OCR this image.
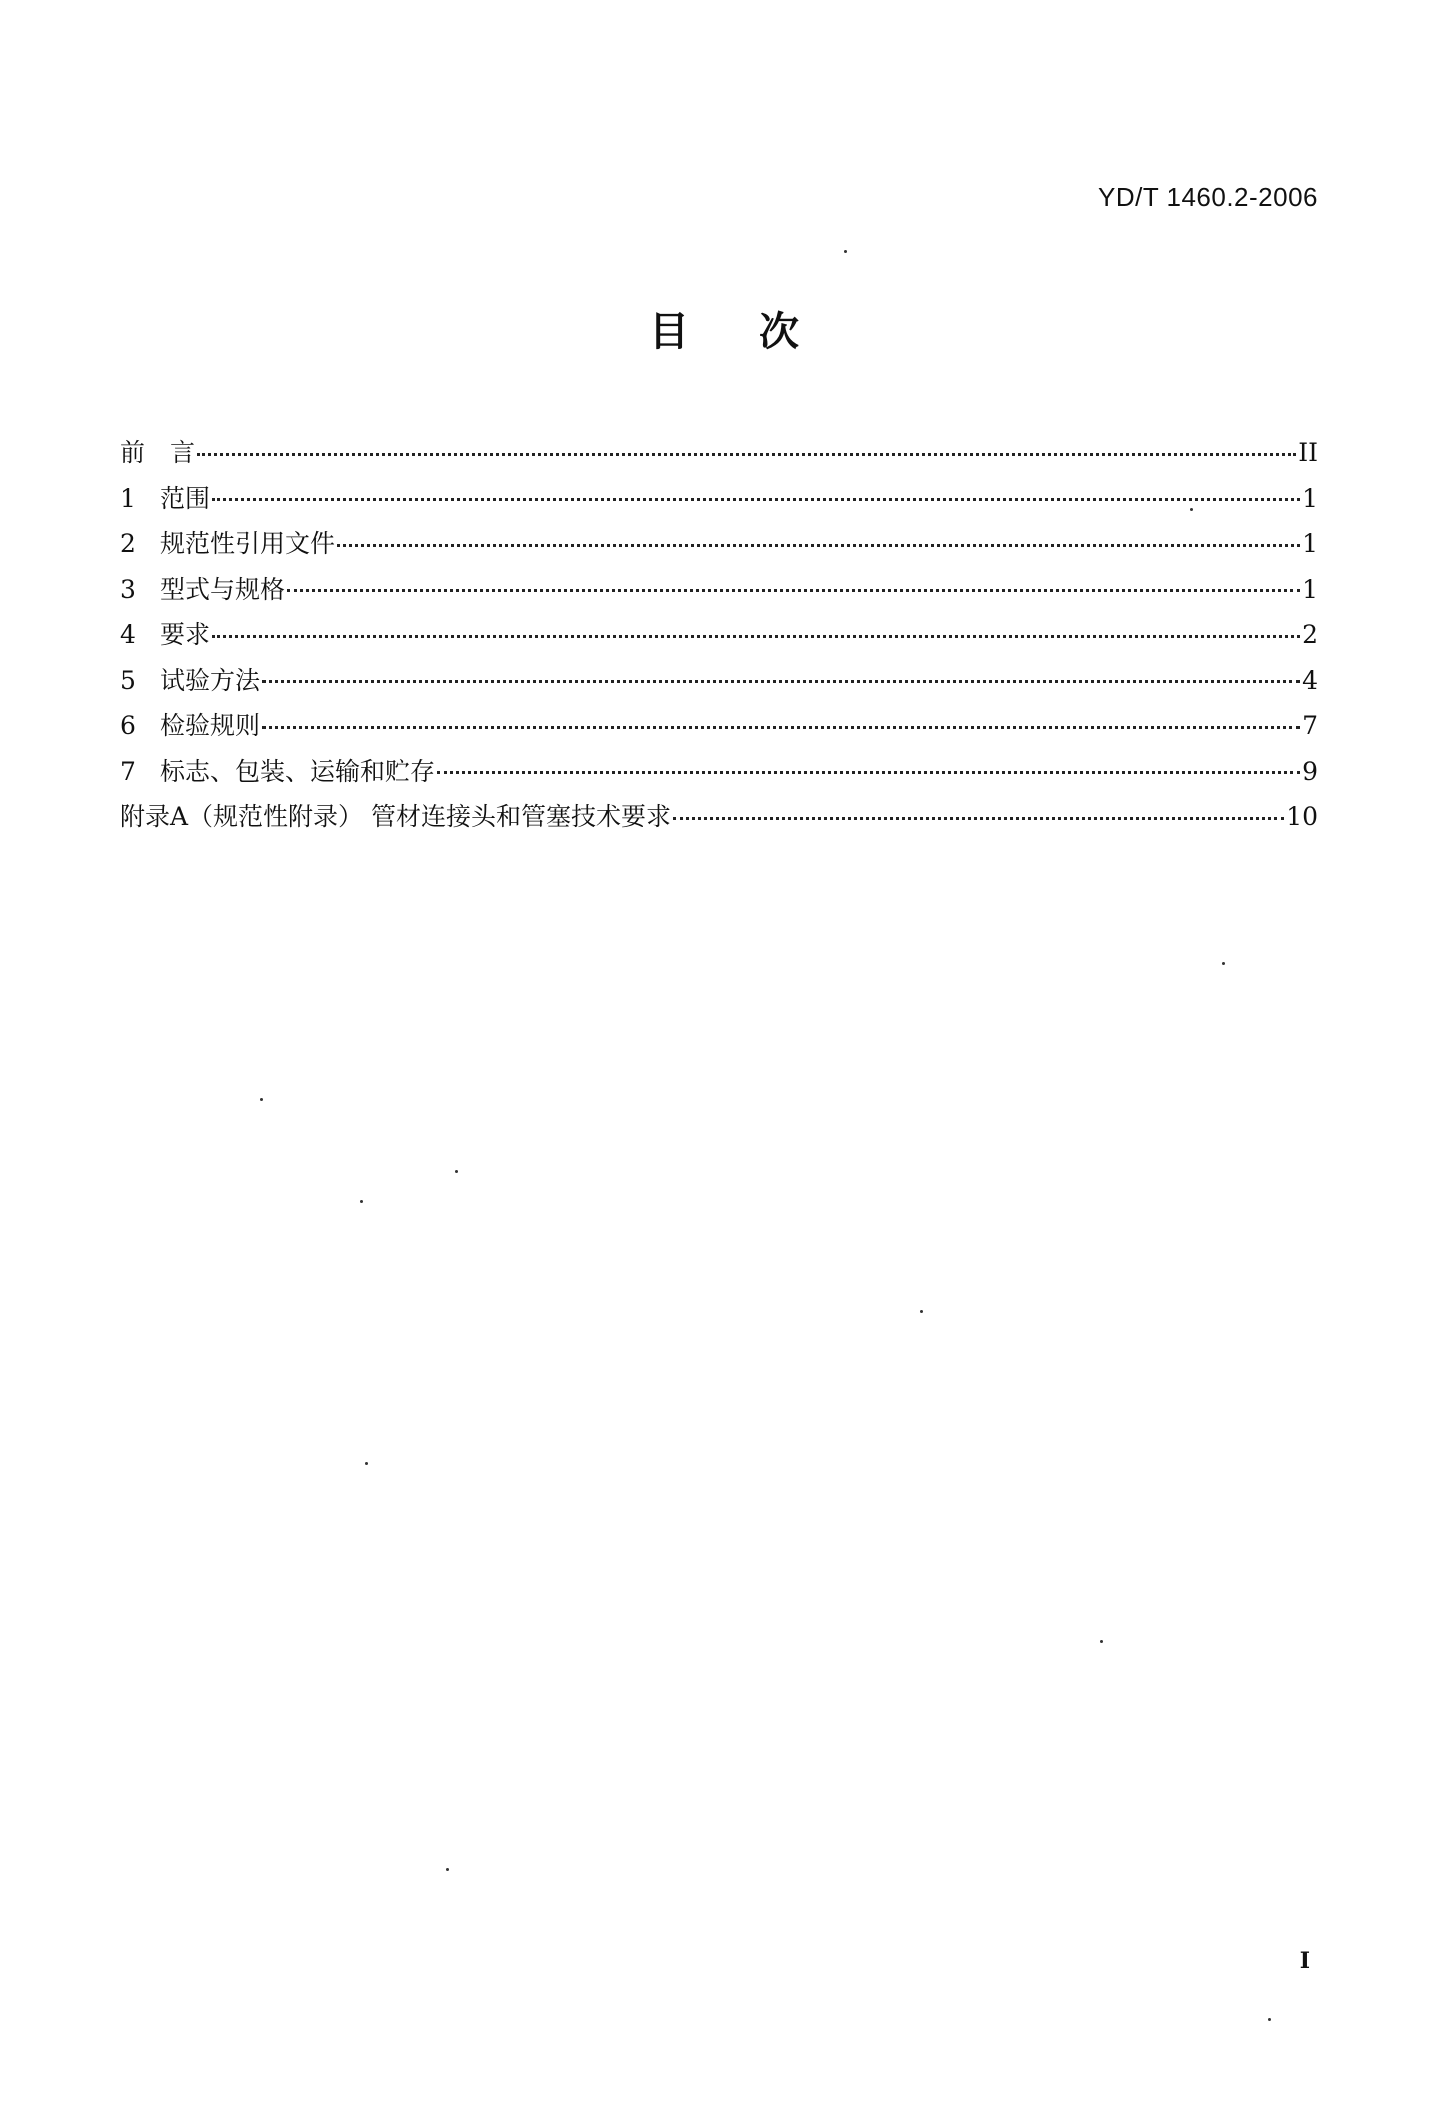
YD/T 1460.2-2006
目次
前　言	II
1 范围	1
2 规范性引用文件	1
3 型式与规格	1
4 要求	2
5 试验方法	4
6 检验规则	7
7 标志、包装、运输和贮存	9
附录A（规范性附录） 管材连接头和管塞技术要求	10
I
